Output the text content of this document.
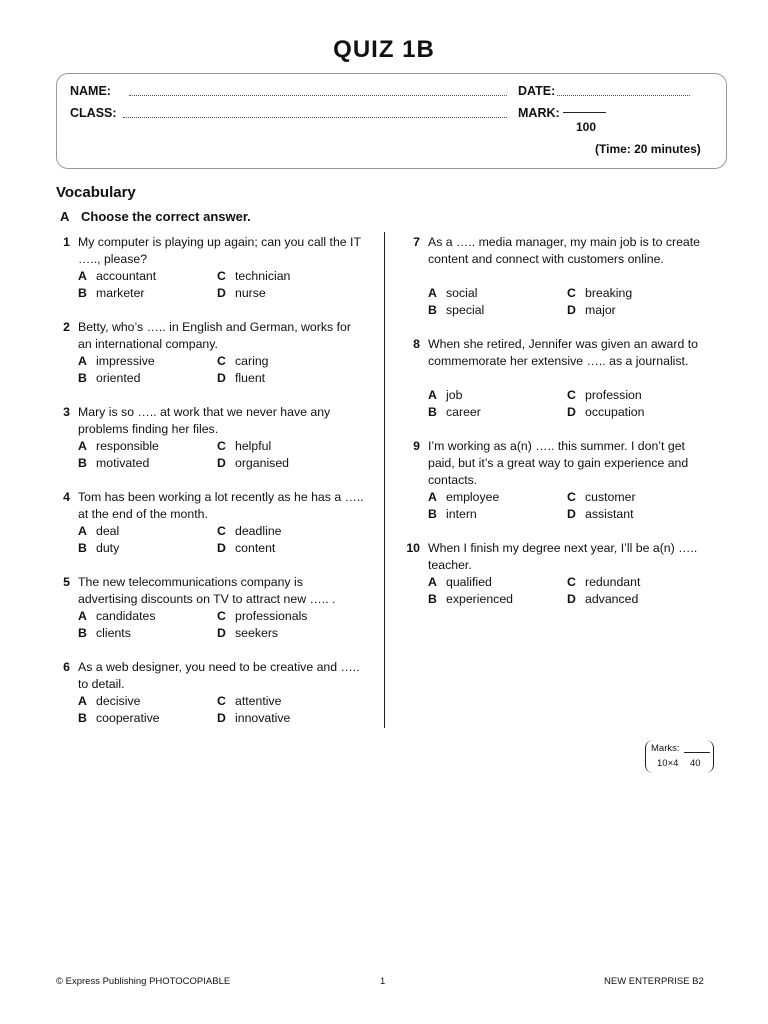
QUIZ 1B
NAME:
CLASS:
DATE:
MARK:
100
(Time: 20 minutes)
Vocabulary
A Choose the correct answer.
1 My computer is playing up again; can you call the IT ….., please?
A accountant
B marketer
C technician
D nurse
2 Betty, who’s ….. in English and German, works for an international company.
A impressive
B oriented
C caring
D fluent
3 Mary is so ….. at work that we never have any problems finding her files.
A responsible
B motivated
C helpful
D organised
4 Tom has been working a lot recently as he has a ….. at the end of the month.
A deal
B duty
C deadline
D content
5 The new telecommunications company is advertising discounts on TV to attract new ….. .
A candidates
B clients
C professionals
D seekers
6 As a web designer, you need to be creative and ….. to detail.
A decisive
B cooperative
C attentive
D innovative
7 As a ….. media manager, my main job is to create content and connect with customers online.
A social
B special
C breaking
D major
8 When she retired, Jennifer was given an award to commemorate her extensive ….. as a journalist.
A job
B career
C profession
D occupation
9 I’m working as a(n) ….. this summer. I don’t get paid, but it’s a great way to gain experience and contacts.
A employee
B intern
C customer
D assistant
10 When I finish my degree next year, I’ll be a(n) ….. teacher.
A qualified
B experienced
C redundant
D advanced
Marks:
10×4 40
© Express Publishing PHOTOCOPIABLE	1	NEW ENTERPRISE B2
